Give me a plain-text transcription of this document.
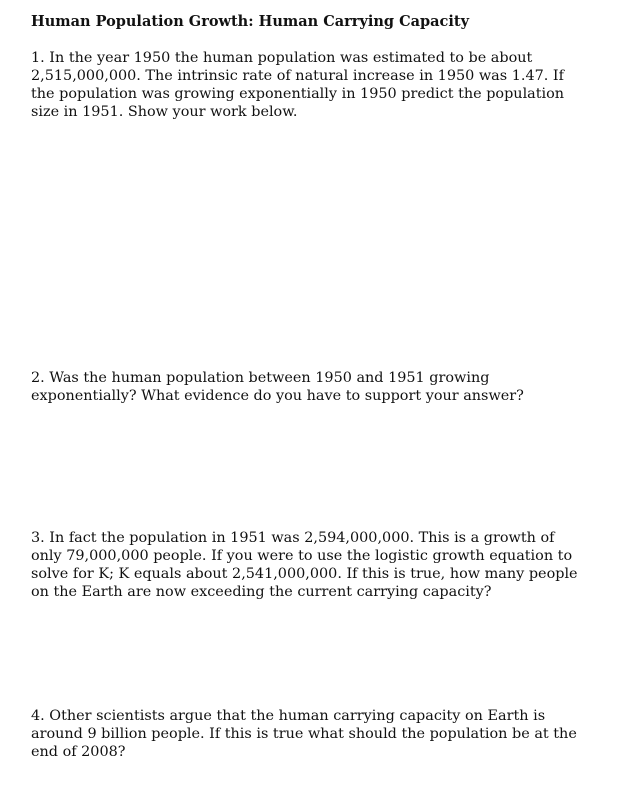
Human Population Growth: Human Carrying Capacity
1. In the year 1950 the human population was estimated to be about
2,515,000,000. The intrinsic rate of natural increase in 1950 was 1.47. If
the population was growing exponentially in 1950 predict the population
size in 1951. Show your work below.
2. Was the human population between 1950 and 1951 growing
exponentially? What evidence do you have to support your answer?
3. In fact the population in 1951 was 2,594,000,000. This is a growth of
only 79,000,000 people. If you were to use the logistic growth equation to
solve for K; K equals about 2,541,000,000. If this is true, how many people
on the Earth are now exceeding the current carrying capacity?
4. Other scientists argue that the human carrying capacity on Earth is
around 9 billion people. If this is true what should the population be at the
end of 2008?
